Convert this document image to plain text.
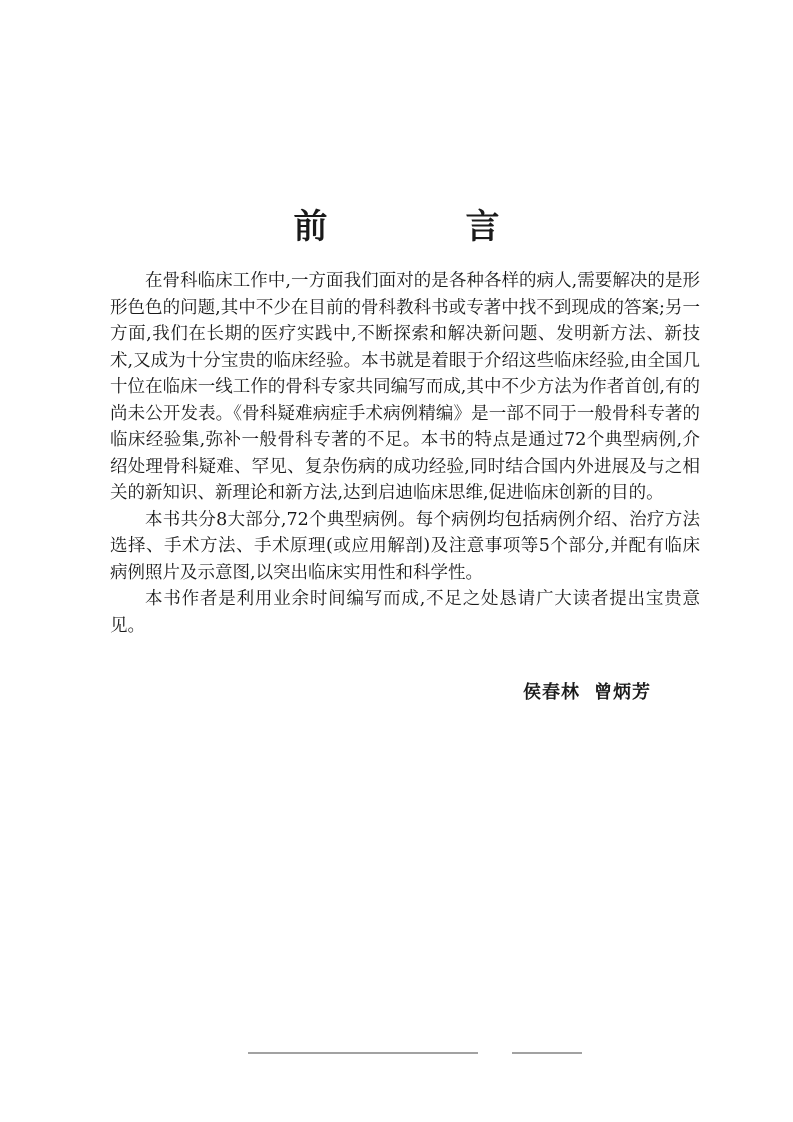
前　言

在骨科临床工作中,一方面我们面对的是各种各样的病人,需要解决的是形形色色的问题,其中不少在目前的骨科教科书或专著中找不到现成的答案;另一方面,我们在长期的医疗实践中,不断探索和解决新问题、发明新方法、新技术,又成为十分宝贵的临床经验。本书就是着眼于介绍这些临床经验,由全国几十位在临床一线工作的骨科专家共同编写而成,其中不少方法为作者首创,有的尚未公开发表。《骨科疑难病症手术病例精编》是一部不同于一般骨科专著的临床经验集,弥补一般骨科专著的不足。本书的特点是通过72个典型病例,介绍处理骨科疑难、罕见、复杂伤病的成功经验,同时结合国内外进展及与之相关的新知识、新理论和新方法,达到启迪临床思维,促进临床创新的目的。

本书共分8大部分,72个典型病例。每个病例均包括病例介绍、治疗方法选择、手术方法、手术原理(或应用解剖)及注意事项等5个部分,并配有临床病例照片及示意图,以突出临床实用性和科学性。

本书作者是利用业余时间编写而成,不足之处恳请广大读者提出宝贵意见。

侯春林 曾炳芳
